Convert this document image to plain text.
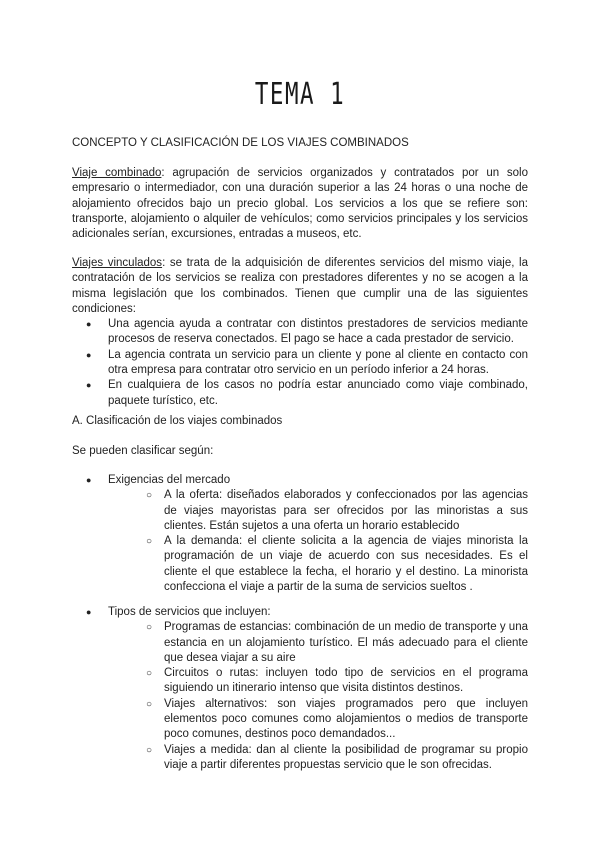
TEMA 1
CONCEPTO Y CLASIFICACIÓN DE LOS VIAJES COMBINADOS

Viaje combinado: agrupación de servicios organizados y contratados por un solo empresario o intermediador, con una duración superior a las 24 horas o una noche de alojamiento ofrecidos bajo un precio global. Los servicios a los que se refiere son: transporte, alojamiento o alquiler de vehículos; como servicios principales y los servicios adicionales serían, excursiones, entradas a museos, etc.

Viajes vinculados: se trata de la adquisición de diferentes servicios del mismo viaje, la contratación de los servicios se realiza con prestadores diferentes y no se acogen a la misma legislación que los combinados. Tienen que cumplir una de las siguientes condiciones:

● Una agencia ayuda a contratar con distintos prestadores de servicios mediante procesos de reserva conectados. El pago se hace a cada prestador de servicio.
● La agencia contrata un servicio para un cliente y pone al cliente en contacto con otra empresa para contratar otro servicio en un período inferior a 24 horas.
● En cualquiera de los casos no podría estar anunciado como viaje combinado, paquete turístico, etc.
A. Clasificación de los viajes combinados
Se pueden clasificar según:
● Exigencias del mercado
○ A la oferta: diseñados elaborados y confeccionados por las agencias de viajes mayoristas para ser ofrecidos por las minoristas a sus clientes. Están sujetos a una oferta un horario establecido
○ A la demanda: el cliente solicita a la agencia de viajes minorista la programación de un viaje de acuerdo con sus necesidades. Es el cliente el que establece la fecha, el horario y el destino. La minorista confecciona el viaje a partir de la suma de servicios sueltos .
● Tipos de servicios que incluyen:
○ Programas de estancias: combinación de un medio de transporte y una estancia en un alojamiento turístico. El más adecuado para el cliente que desea viajar a su aire
○ Circuitos o rutas: incluyen todo tipo de servicios en el programa siguiendo un itinerario intenso que visita distintos destinos.
○ Viajes alternativos: son viajes programados pero que incluyen elementos poco comunes como alojamientos o medios de transporte poco comunes, destinos poco demandados...
○ Viajes a medida: dan al cliente la posibilidad de programar su propio viaje a partir diferentes propuestas servicio que le son ofrecidas.
